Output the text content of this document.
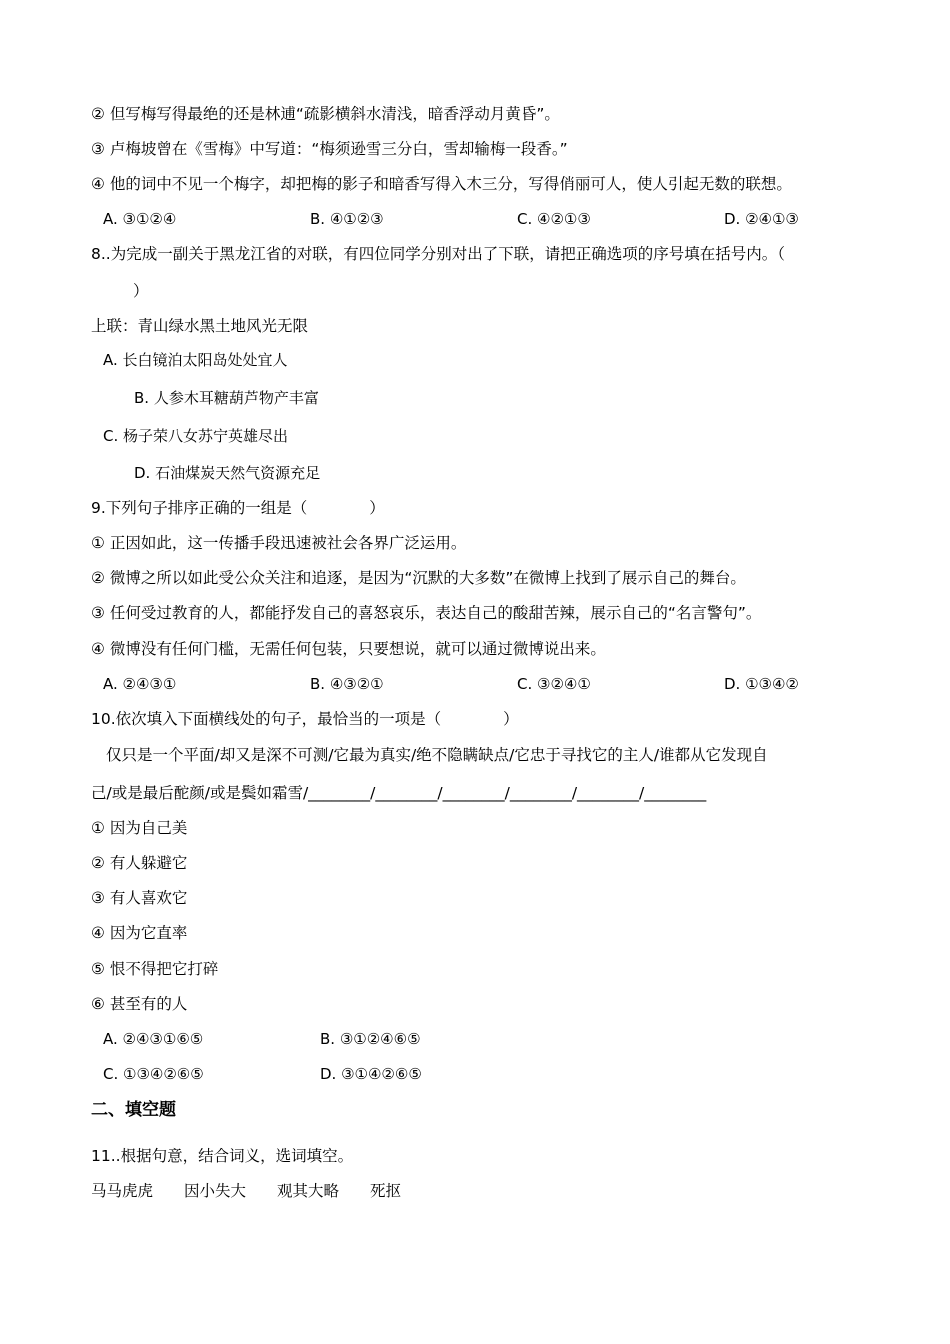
② 但写梅写得最绝的还是林逋“疏影横斜水清浅，暗香浮动月黄昏”。
③ 卢梅坡曾在《雪梅》中写道：“梅须逊雪三分白，雪却输梅一段香。”
④ 他的词中不见一个梅字，却把梅的影子和暗香写得入木三分，写得俏丽可人，使人引起无数的联想。
A. ③①②④	B. ④①②③	C. ④②①③	D. ②④①③
8..为完成一副关于黑龙江省的对联，有四位同学分别对出了下联，请把正确选项的序号填在括号内。（
）
上联：青山绿水黑土地风光无限
A. 长白镜泊太阳岛处处宜人
B. 人参木耳糖葫芦物产丰富
C. 杨子荣八女苏宁英雄尽出
D. 石油煤炭天然气资源充足
9.下列句子排序正确的一组是（　　　　）
① 正因如此，这一传播手段迅速被社会各界广泛运用。
② 微博之所以如此受公众关注和追逐，是因为“沉默的大多数”在微博上找到了展示自己的舞台。
③ 任何受过教育的人，都能抒发自己的喜怒哀乐，表达自己的酸甜苦辣，展示自己的“名言警句”。
④ 微博没有任何门槛，无需任何包装，只要想说，就可以通过微博说出来。
A. ②④③①	B. ④③②①	C. ③②④①	D. ①③④②
10.依次填入下面横线处的句子，最恰当的一项是（　　　　）
仅只是一个平面/却又是深不可测/它最为真实/绝不隐瞒缺点/它忠于寻找它的主人/谁都从它发现自
己/或是最后酡颜/或是鬓如霜雪/________/________/________/________/________/________
① 因为自己美
② 有人躲避它
③ 有人喜欢它
④ 因为它直率
⑤ 恨不得把它打碎
⑥ 甚至有的人
A. ②④③①⑥⑤	B. ③①②④⑥⑤
C. ①③④②⑥⑤	D. ③①④②⑥⑤
二、填空题
11..根据句意，结合词义，选词填空。
马马虎虎　　因小失大　　观其大略　　死抠
